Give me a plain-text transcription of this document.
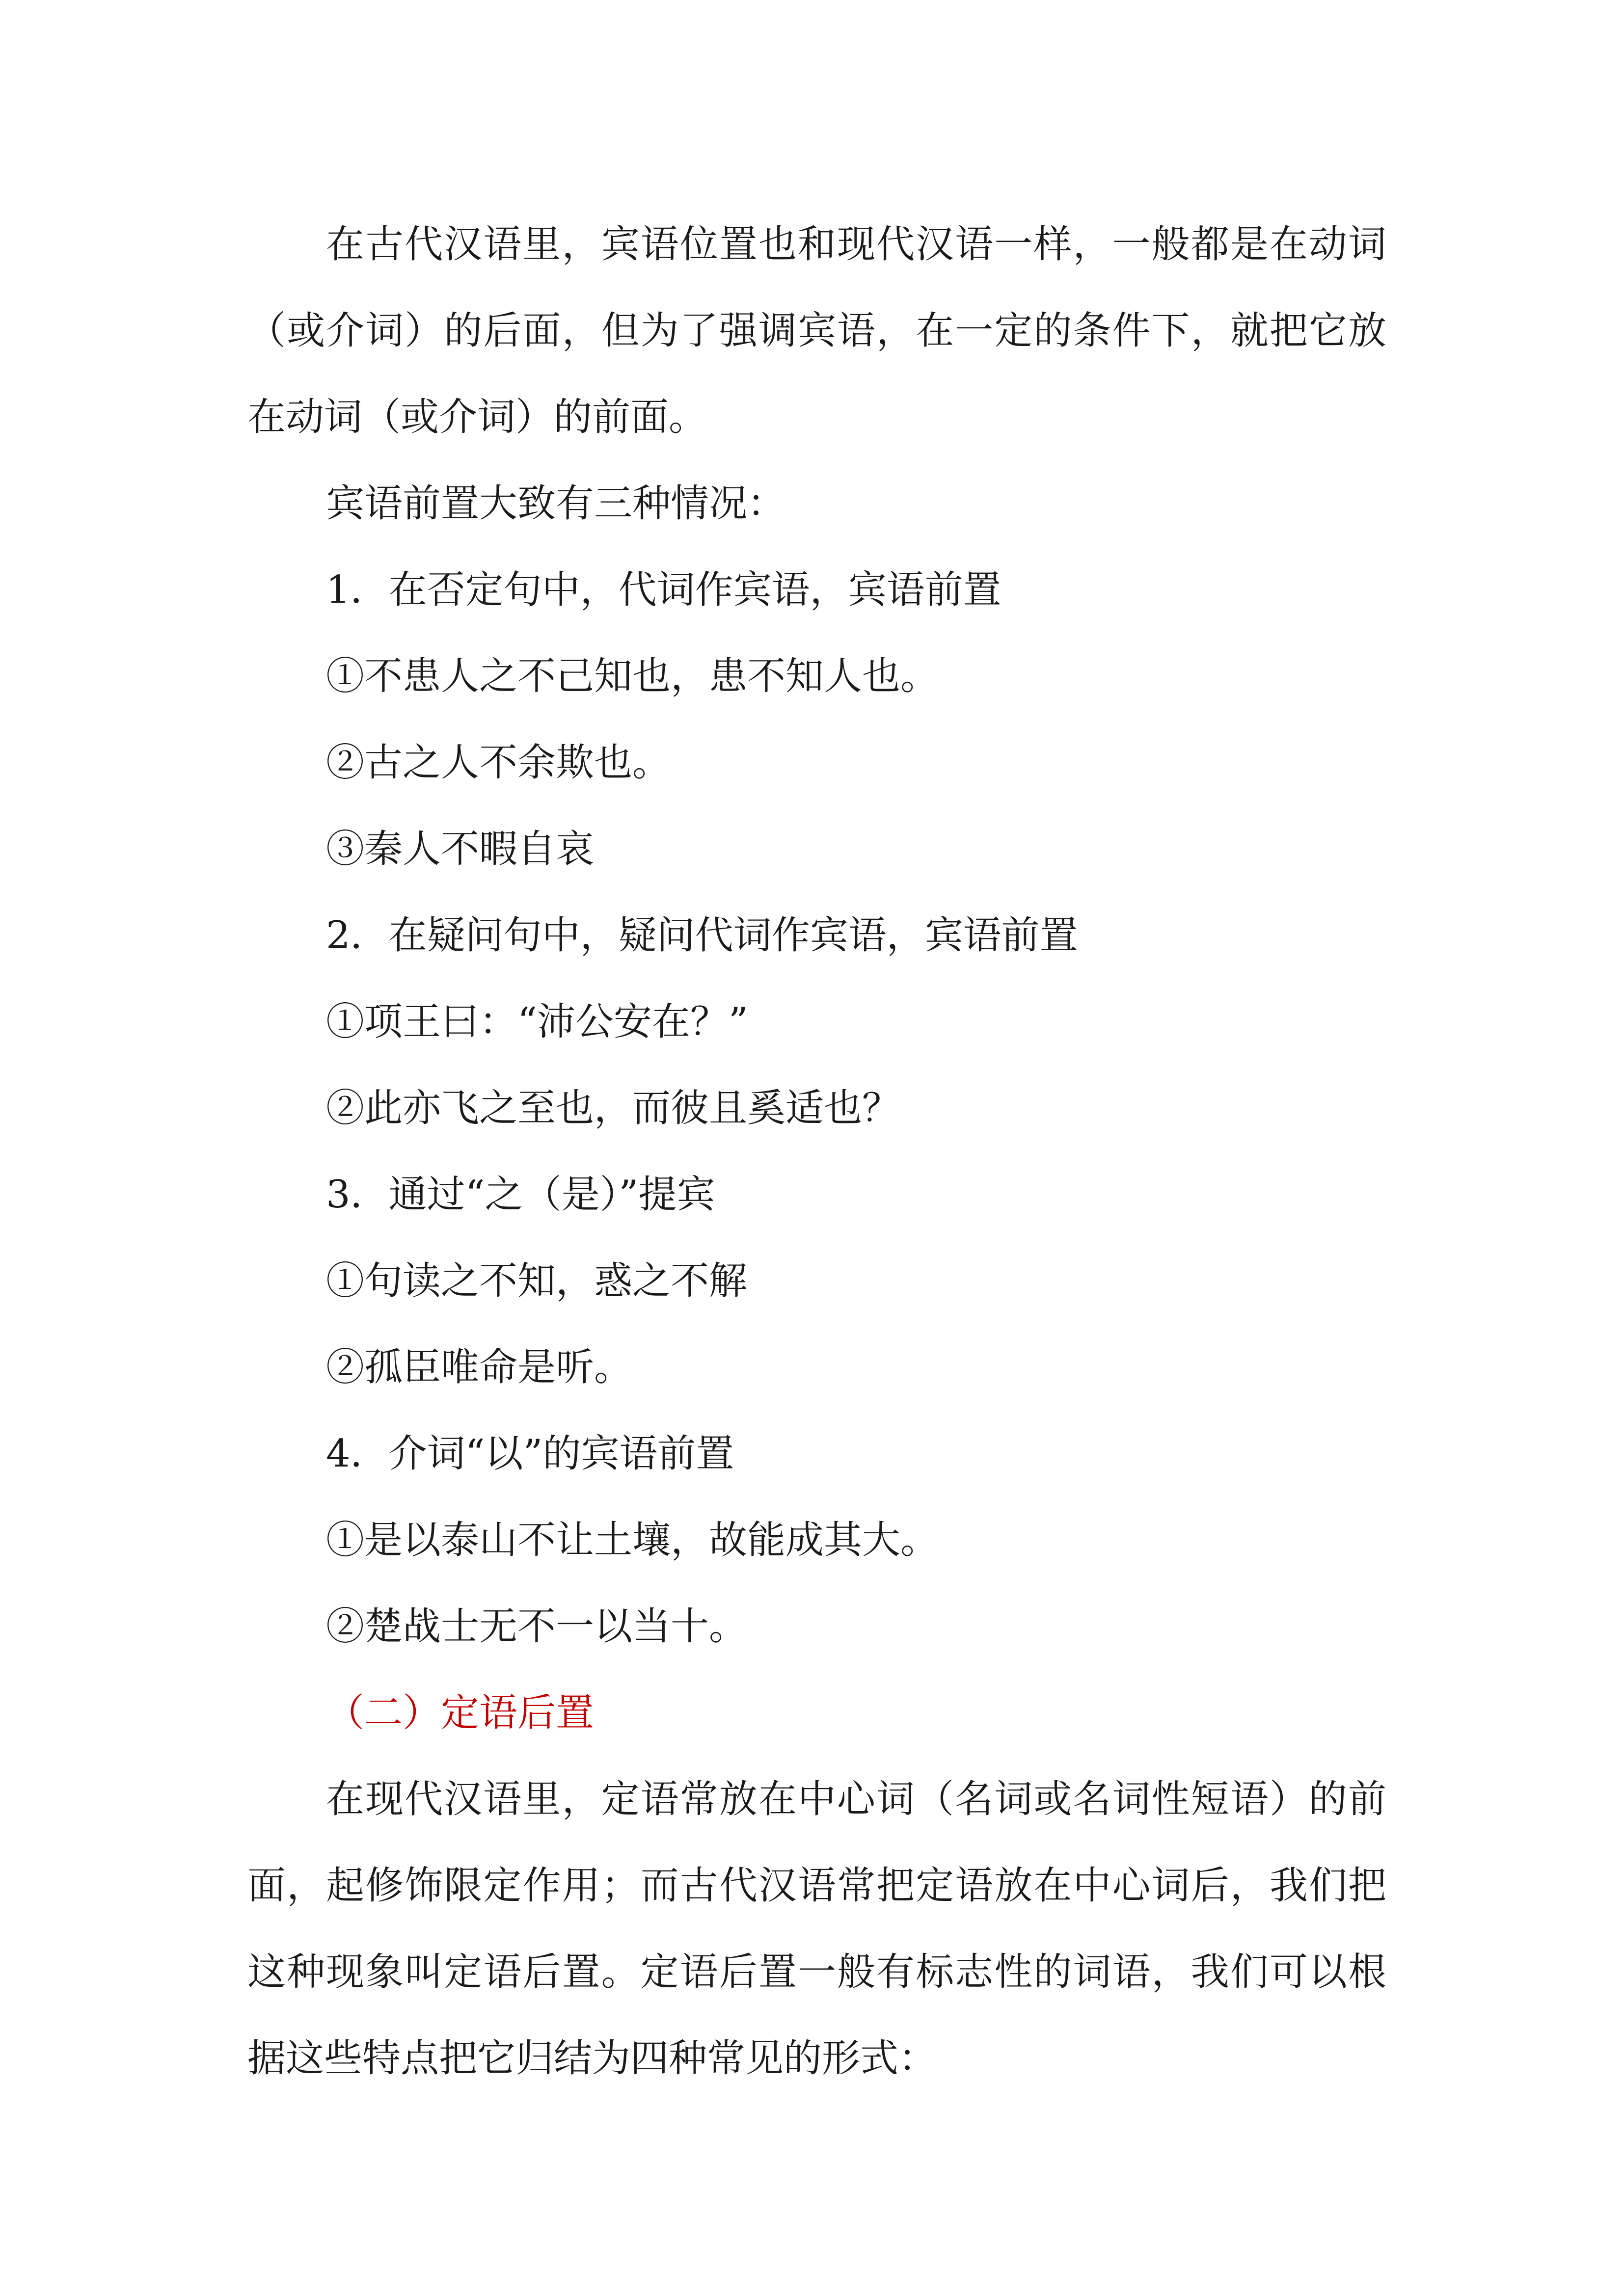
在古代汉语里，宾语位置也和现代汉语一样，一般都是在动词（或介词）的后面，但为了强调宾语，在一定的条件下，就把它放在动词（或介词）的前面。

宾语前置大致有三种情况：

1．在否定句中，代词作宾语，宾语前置

①不患人之不己知也，患不知人也。

②古之人不余欺也。

③秦人不暇自哀

2．在疑问句中，疑问代词作宾语，宾语前置

①项王曰：“沛公安在？”

②此亦飞之至也，而彼且奚适也？

3．通过“之（是）”提宾

①句读之不知，惑之不解

②孤臣唯命是听。

4．介词“以”的宾语前置

①是以泰山不让土壤，故能成其大。

②楚战士无不一以当十。

（二）定语后置

在现代汉语里，定语常放在中心词（名词或名词性短语）的前面，起修饰限定作用；而古代汉语常把定语放在中心词后，我们把这种现象叫定语后置。定语后置一般有标志性的词语，我们可以根据这些特点把它归结为四种常见的形式：
